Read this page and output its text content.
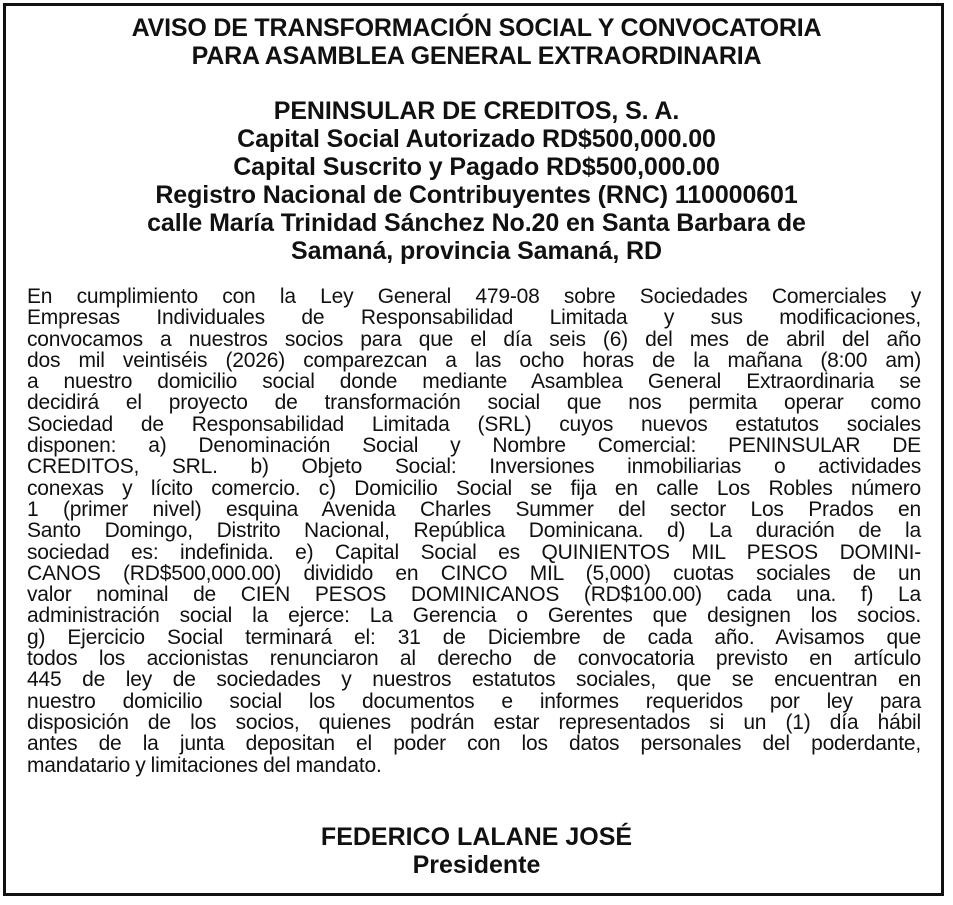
AVISO DE TRANSFORMACIÓN SOCIAL Y CONVOCATORIA
PARA ASAMBLEA GENERAL EXTRAORDINARIA
PENINSULAR DE CREDITOS, S. A.
Capital Social Autorizado RD$500,000.00
Capital Suscrito y Pagado RD$500,000.00
Registro Nacional de Contribuyentes (RNC) 110000601
calle María Trinidad Sánchez No.20 en Santa Barbara de
Samaná, provincia Samaná, RD
En cumplimiento con la Ley General 479-08 sobre Sociedades Comerciales y
Empresas Individuales de Responsabilidad Limitada y sus modificaciones,
convocamos a nuestros socios para que el día seis (6) del mes de abril del año
dos mil veintiséis (2026) comparezcan a las ocho horas de la mañana (8:00 am)
a nuestro domicilio social donde mediante Asamblea General Extraordinaria se
decidirá el proyecto de transformación social que nos permita operar como
Sociedad de Responsabilidad Limitada (SRL) cuyos nuevos estatutos sociales
disponen: a) Denominación Social y Nombre Comercial: PENINSULAR DE
CREDITOS, SRL. b) Objeto Social: Inversiones inmobiliarias o actividades
conexas y lícito comercio. c) Domicilio Social se fija en calle Los Robles número
1 (primer nivel) esquina Avenida Charles Summer del sector Los Prados en
Santo Domingo, Distrito Nacional, República Dominicana. d) La duración de la
sociedad es: indefinida. e) Capital Social es QUINIENTOS MIL PESOS DOMINI-
CANOS (RD$500,000.00) dividido en CINCO MIL (5,000) cuotas sociales de un
valor nominal de CIEN PESOS DOMINICANOS (RD$100.00) cada una. f) La
administración social la ejerce: La Gerencia o Gerentes que designen los socios.
g) Ejercicio Social terminará el: 31 de Diciembre de cada año. Avisamos que
todos los accionistas renunciaron al derecho de convocatoria previsto en artículo
445 de ley de sociedades y nuestros estatutos sociales, que se encuentran en
nuestro domicilio social los documentos e informes requeridos por ley para
disposición de los socios, quienes podrán estar representados si un (1) día hábil
antes de la junta depositan el poder con los datos personales del poderdante,
mandatario y limitaciones del mandato.
FEDERICO LALANE JOSÉ
Presidente
